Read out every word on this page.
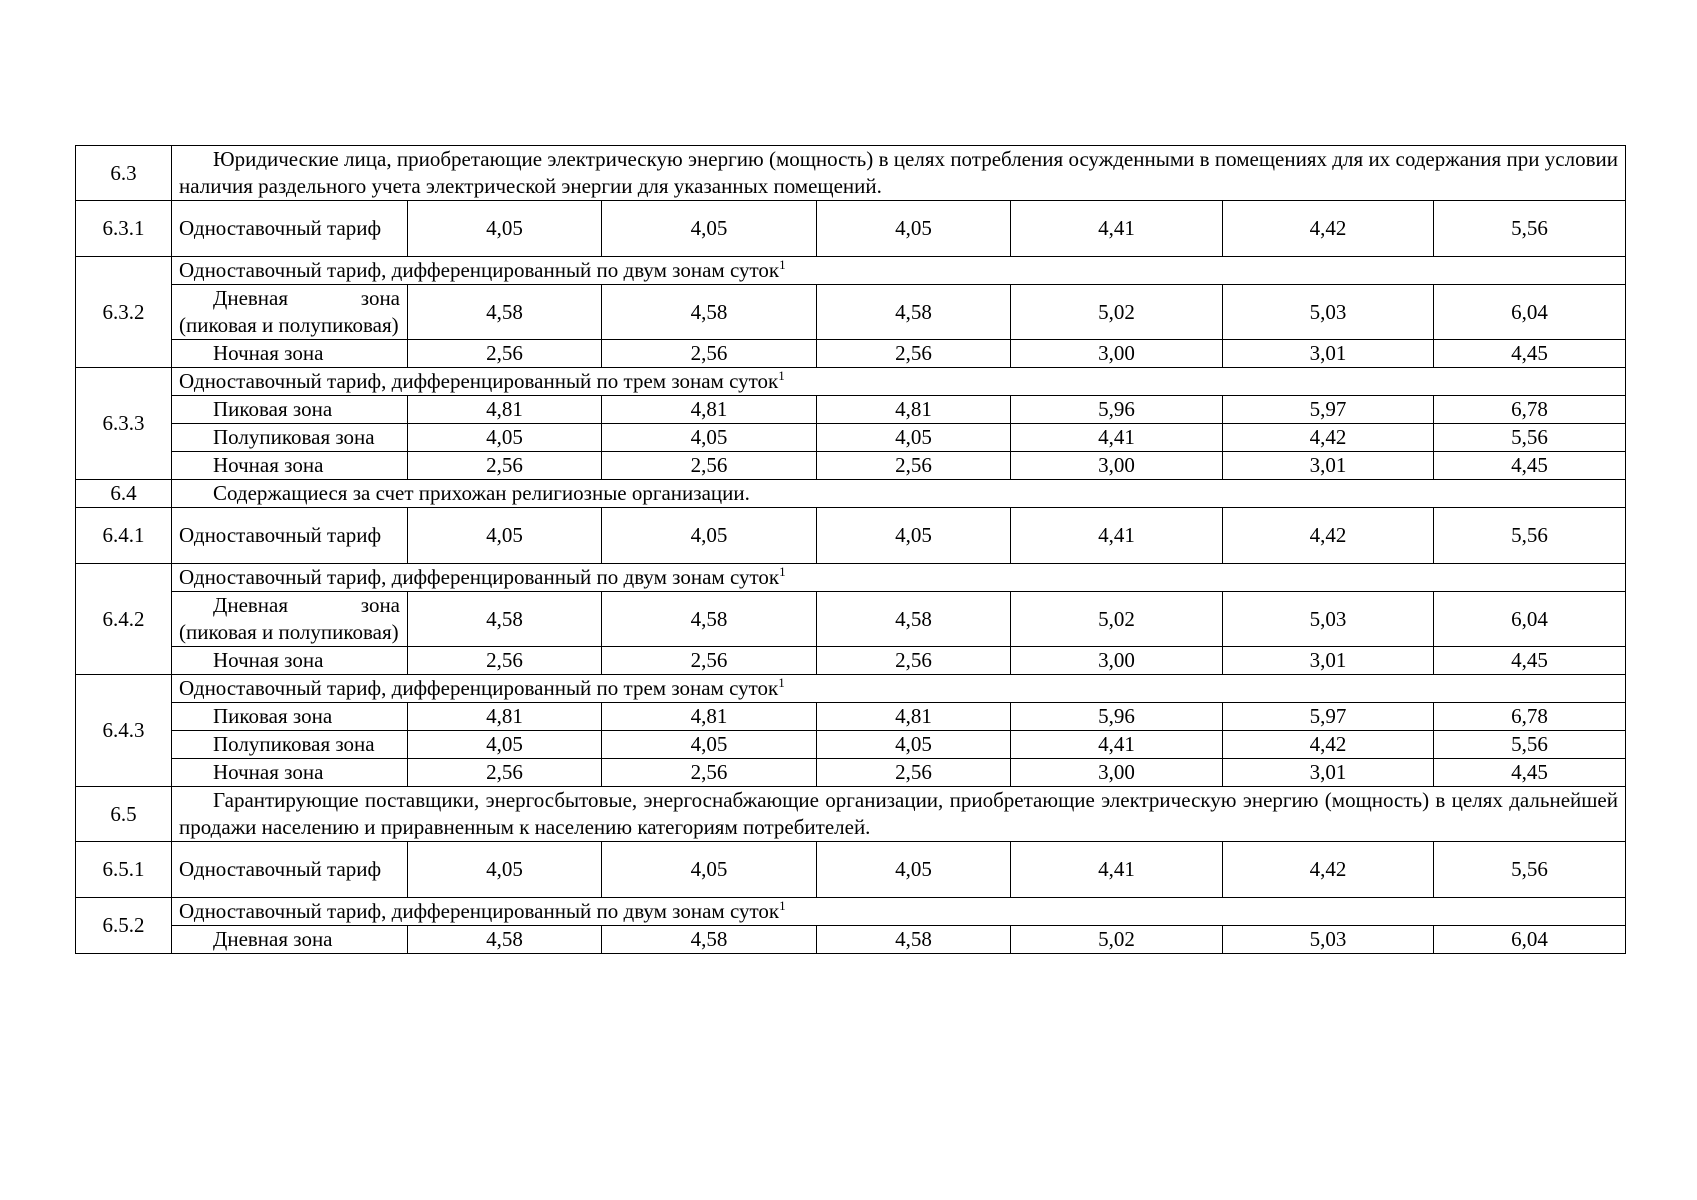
6.3	Юридические лица, приобретающие электрическую энергию (мощность) в целях потребления осужденными в помещениях для их содержания при условии наличия раздельного учета электрической энергии для указанных помещений.						
6.3.1	Одноставочный тариф	4,05	4,05	4,05	4,41	4,42	5,56
6.3.2	Одноставочный тариф, дифференцированный по двум зонам суток$^1$
	Дневная зона (пиковая и полупиковая)	4,58	4,58	4,58	5,02	5,03	6,04
	Ночная зона	2,56	2,56	2,56	3,00	3,01	4,45
6.3.3	Одноставочный тариф, дифференцированный по трем зонам суток$^1$
	Пиковая зона	4,81	4,81	4,81	5,96	5,97	6,78
	Полупиковая зона	4,05	4,05	4,05	4,41	4,42	5,56
	Ночная зона	2,56	2,56	2,56	3,00	3,01	4,45
6.4	Содержащиеся за счет прихожан религиозные организации.						
6.4.1	Одноставочный тариф	4,05	4,05	4,05	4,41	4,42	5,56
6.4.2	Одноставочный тариф, дифференцированный по двум зонам суток$^1$
	Дневная зона (пиковая и полупиковая)	4,58	4,58	4,58	5,02	5,03	6,04
	Ночная зона	2,56	2,56	2,56	3,00	3,01	4,45
6.4.3	Одноставочный тариф, дифференцированный по трем зонам суток$^1$
	Пиковая зона	4,81	4,81	4,81	5,96	5,97	6,78
	Полупиковая зона	4,05	4,05	4,05	4,41	4,42	5,56
	Ночная зона	2,56	2,56	2,56	3,00	3,01	4,45
6.5	Гарантирующие поставщики, энергосбытовые, энергоснабжающие организации, приобретающие электрическую энергию (мощность) в целях дальнейшей продажи населению и приравненным к населению категориям потребителей.						
6.5.1	Одноставочный тариф	4,05	4,05	4,05	4,41	4,42	5,56
6.5.2	Одноставочный тариф, дифференцированный по двум зонам суток$^1$
	Дневная зона	4,58	4,58	4,58	5,02	5,03	6,04
